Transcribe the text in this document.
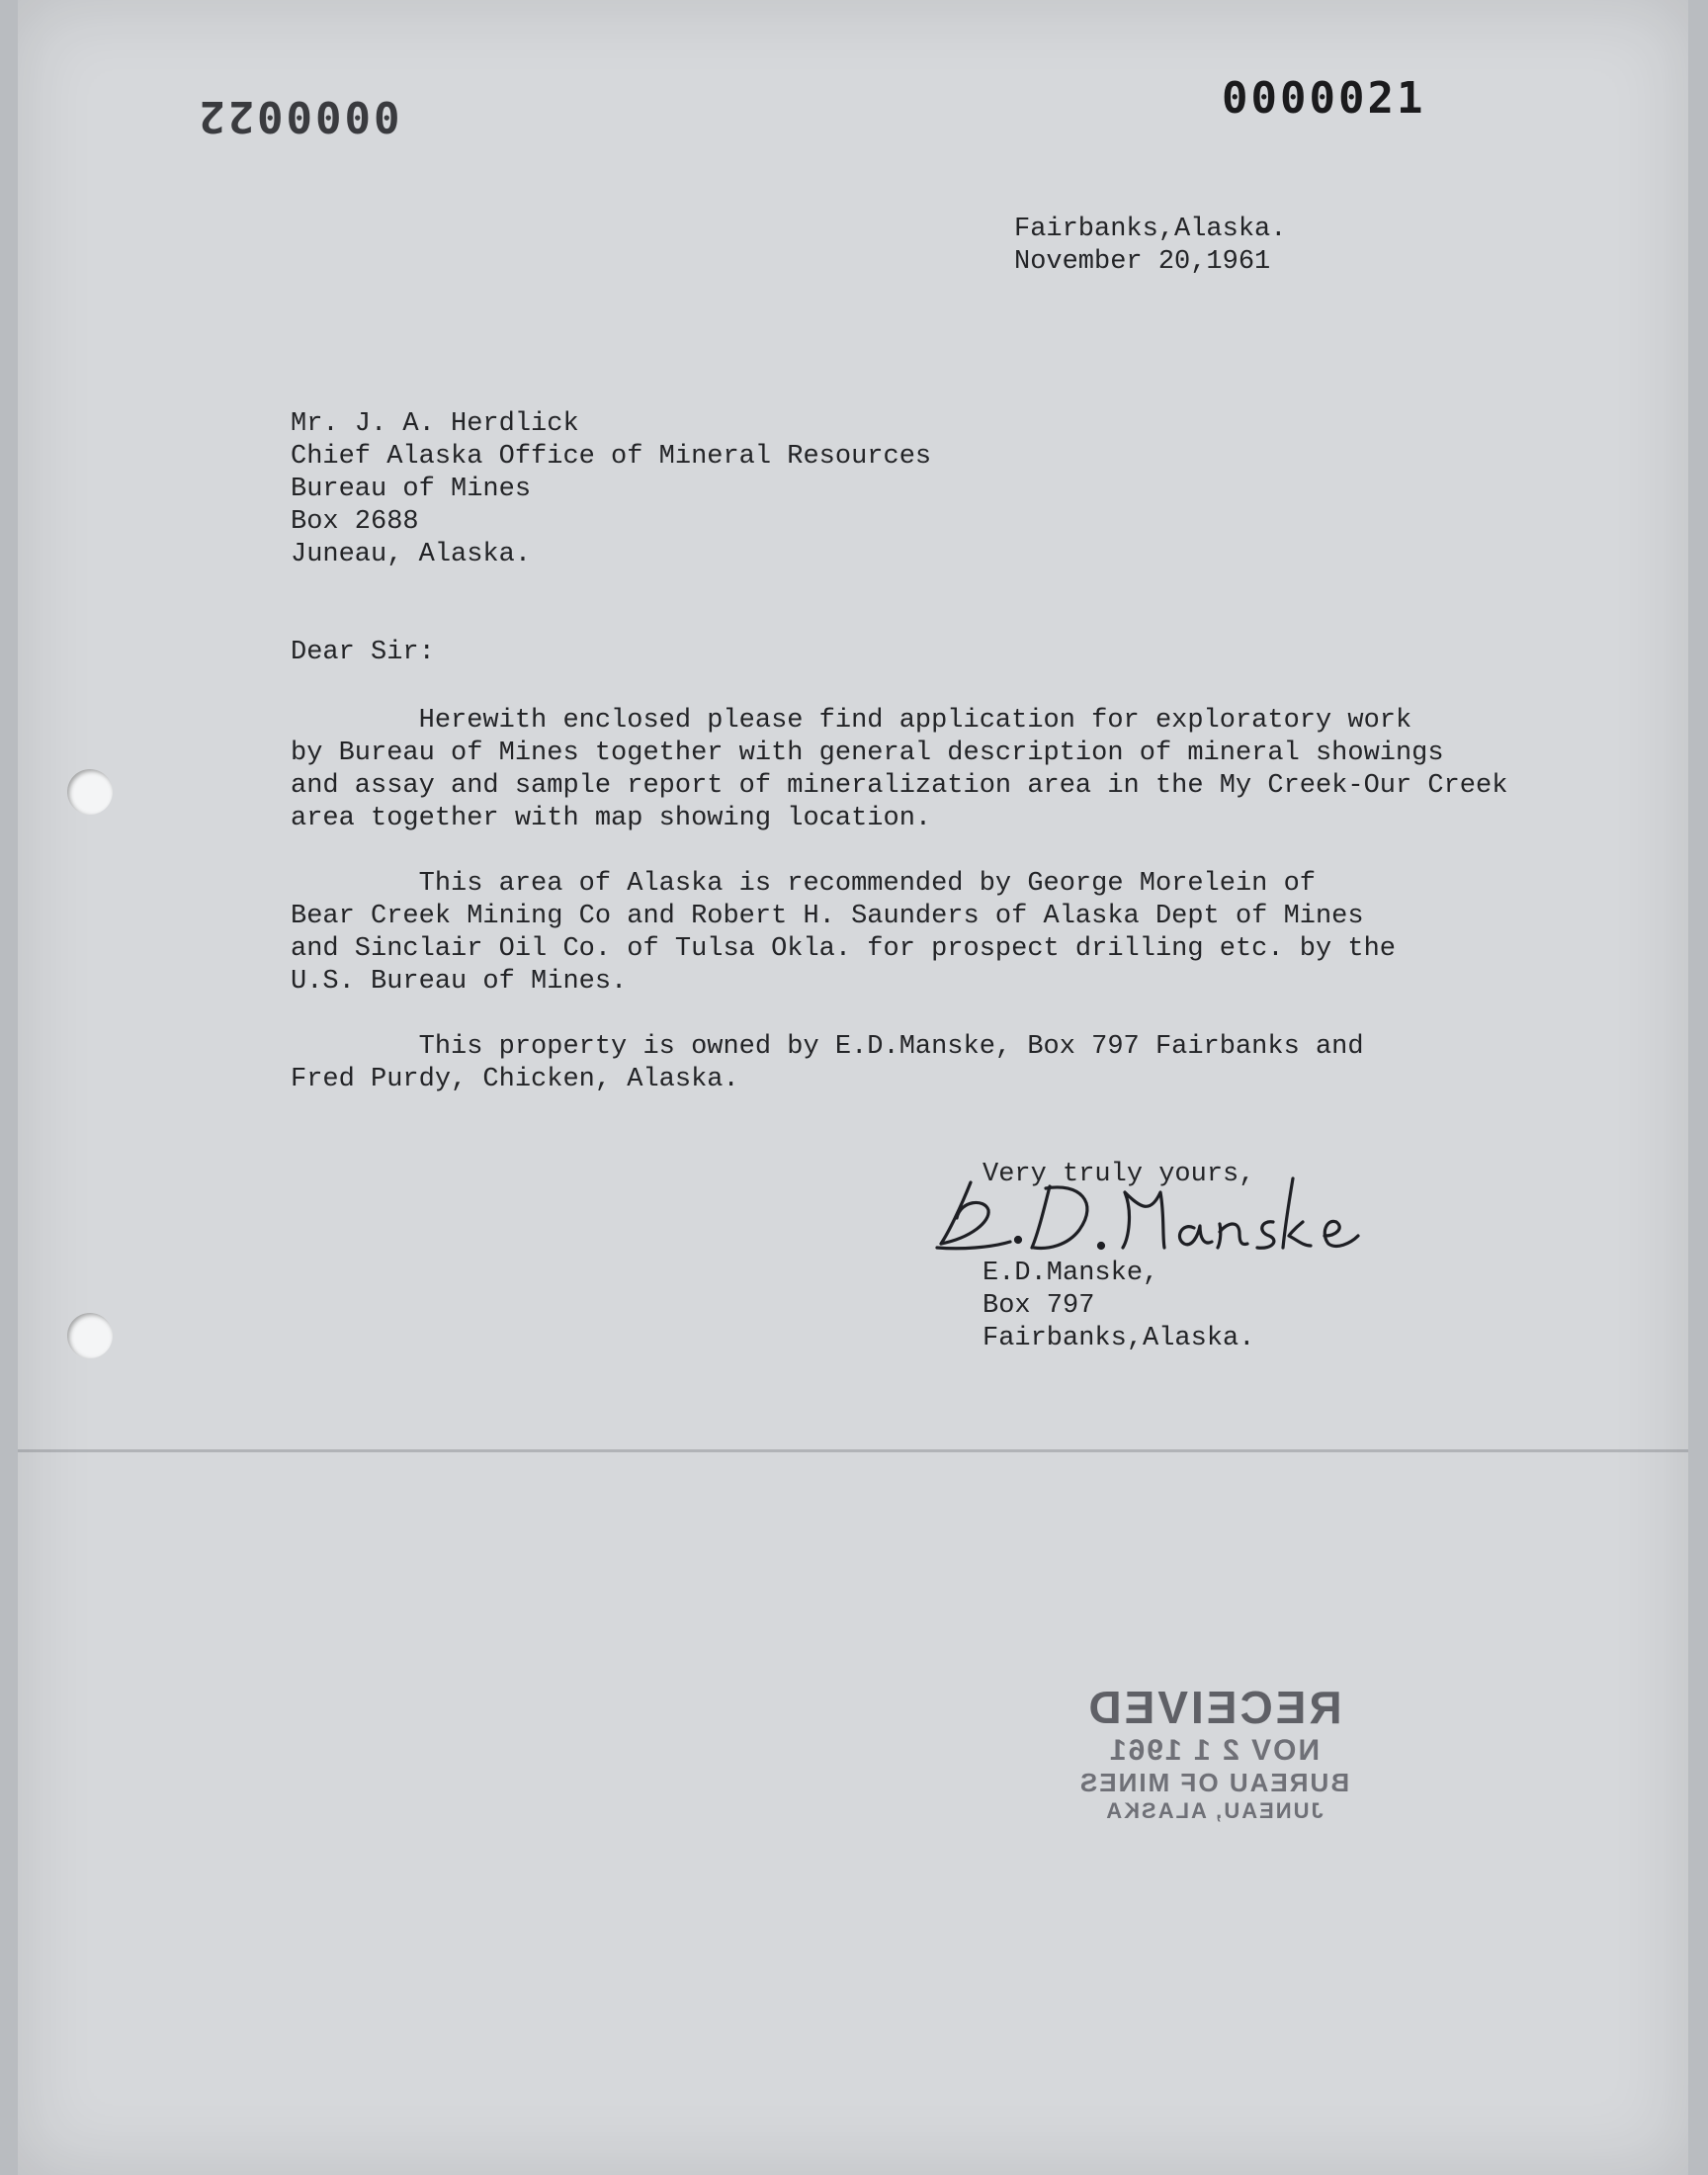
0000022	0000021

Fairbanks,Alaska.

November 20,1961

Mr. J. A. Herdlick

Chief Alaska Office of Mineral Resources

Bureau of Mines

Box 2688

Juneau, Alaska.

Dear Sir:

Herewith enclosed please find application for exploratory work
by Bureau of Mines together with general description of mineral showings
and assay and sample report of mineralization area in the My Creek-Our Creek
area together with map showing location.

This area of Alaska is recommended by George Morelein of
Bear Creek Mining Co and Robert H. Saunders of Alaska Dept of Mines
and Sinclair Oil Co. of Tulsa Okla. for prospect drilling etc. by the
U.S. Bureau of Mines.

This property is owned by E.D.Manske, Box 797 Fairbanks and
Fred Purdy, Chicken, Alaska.

Very truly yours,

E.D.Manske,

Box 797

Fairbanks,Alaska.

RECEIVED
NOV 2 1 1961
BUREAU OF MINES
JUNEAU, ALASKA
